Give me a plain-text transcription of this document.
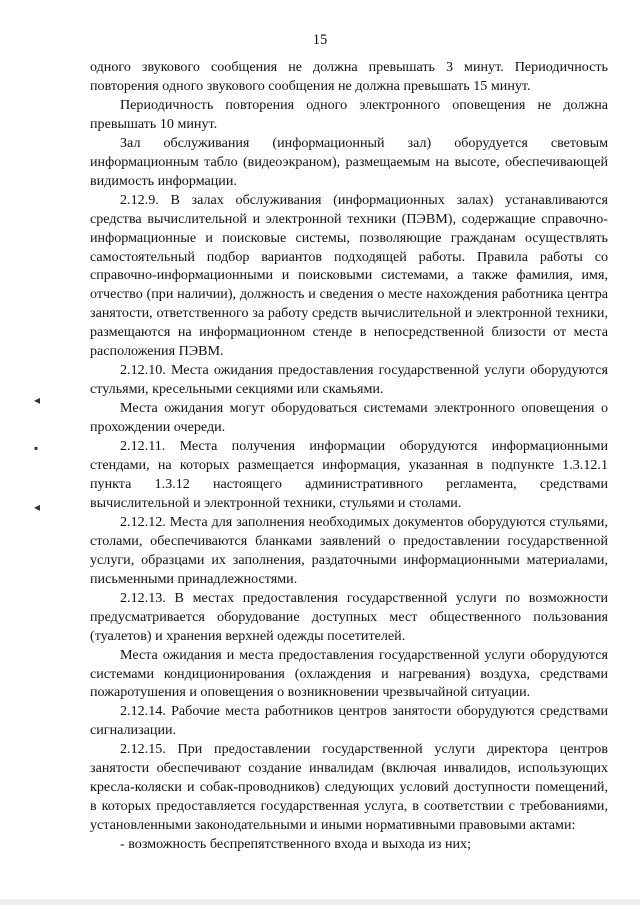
15
◂
▪
◂

одного звукового сообщения не должна превышать 3 минут. Периодичность повторения одного звукового сообщения не должна превышать 15 минут.

Периодичность повторения одного электронного оповещения не должна превышать 10 минут.

Зал обслуживания (информационный зал) оборудуется световым информационным табло (видеоэкраном), размещаемым на высоте, обеспечивающей видимость информации.

2.12.9. В залах обслуживания (информационных залах) устанавливаются средства вычислительной и электронной техники (ПЭВМ), содержащие справочно-информационные и поисковые системы, позволяющие гражданам осуществлять самостоятельный подбор вариантов подходящей работы. Правила работы со справочно-информационными и поисковыми системами, а также фамилия, имя, отчество (при наличии), должность и сведения о месте нахождения работника центра занятости, ответственного за работу средств вычислительной и электронной техники, размещаются на информационном стенде в непосредственной близости от места расположения ПЭВМ.

2.12.10. Места ожидания предоставления государственной услуги оборудуются стульями, кресельными секциями или скамьями.

Места ожидания могут оборудоваться системами электронного оповещения о прохождении очереди.

2.12.11. Места получения информации оборудуются информационными стендами, на которых размещается информация, указанная в подпункте 1.3.12.1 пункта 1.3.12 настоящего административного регламента, средствами вычислительной и электронной техники, стульями и столами.

2.12.12. Места для заполнения необходимых документов оборудуются стульями, столами, обеспечиваются бланками заявлений о предоставлении государственной услуги, образцами их заполнения, раздаточными информационными материалами, письменными принадлежностями.

2.12.13. В местах предоставления государственной услуги по возможности предусматривается оборудование доступных мест общественного пользования (туалетов) и хранения верхней одежды посетителей.

Места ожидания и места предоставления государственной услуги оборудуются системами кондиционирования (охлаждения и нагревания) воздуха, средствами пожаротушения и оповещения о возникновении чрезвычайной ситуации.

2.12.14. Рабочие места работников центров занятости оборудуются средствами сигнализации.

2.12.15. При предоставлении государственной услуги директора центров занятости обеспечивают создание инвалидам (включая инвалидов, использующих кресла-коляски и собак-проводников) следующих условий доступности помещений, в которых предоставляется государственная услуга, в соответствии с требованиями, установленными законодательными и иными нормативными правовыми актами:

- возможность беспрепятственного входа и выхода из них;
